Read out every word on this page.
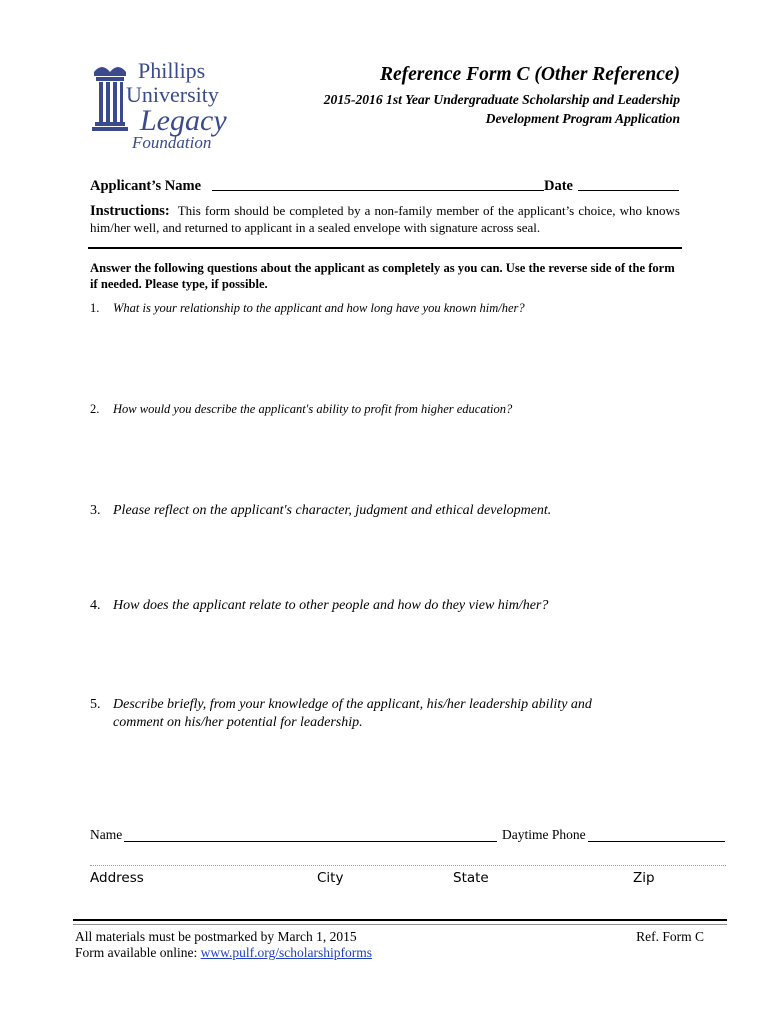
Phillips
University
Legacy
Foundation
Reference Form C (Other Reference)
2015-2016 1st Year Undergraduate Scholarship and Leadership
Development Program Application
Applicant’s Name	Date
Instructions: This form should be completed by a non-family member of the applicant’s choice, who knows him/her well, and returned to applicant in a sealed envelope with signature across seal.
Answer the following questions about the applicant as completely as you can. Use the reverse side of the form if needed. Please type, if possible.
1. What is your relationship to the applicant and how long have you known him/her?
2. How would you describe the applicant's ability to profit from higher education?
3. Please reflect on the applicant's character, judgment and ethical development.
4. How does the applicant relate to other people and how do they view him/her?
5. Describe briefly, from your knowledge of the applicant, his/her leadership ability and
comment on his/her potential for leadership.
Name	Daytime Phone
Address	City	State	Zip
All materials must be postmarked by March 1, 2015
Form available online: www.pulf.org/scholarshipforms
Ref. Form C
